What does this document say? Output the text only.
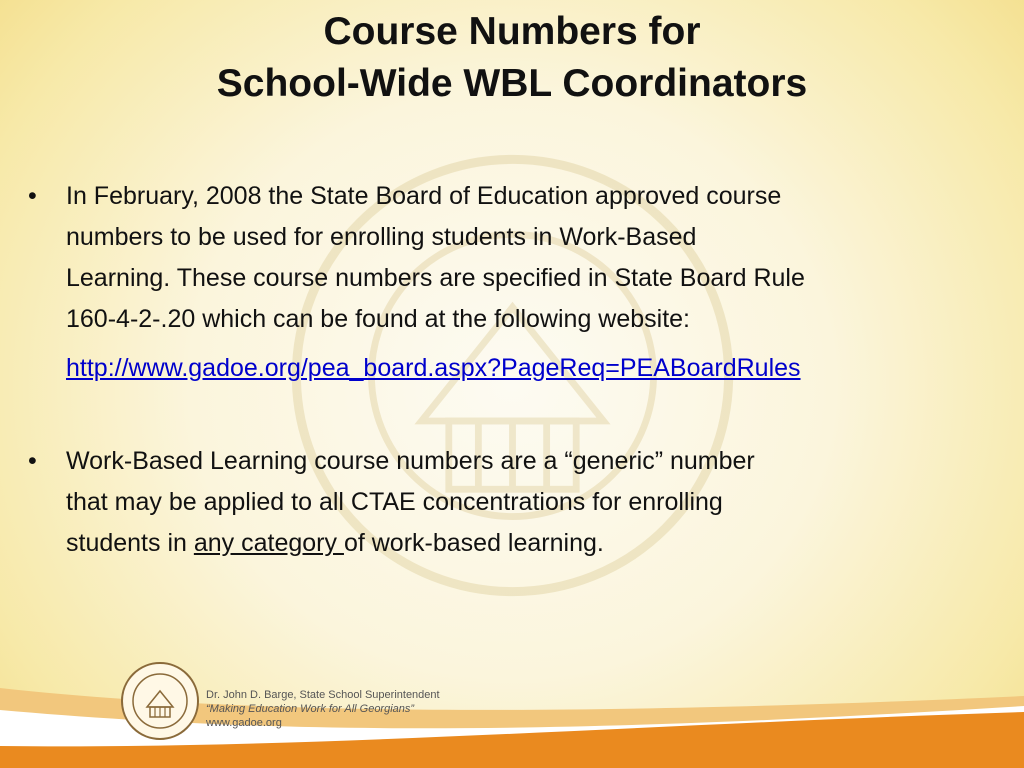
Course Numbers for
School-Wide WBL Coordinators
• In February, 2008 the State Board of Education approved course
numbers to be used for enrolling students in Work-Based
Learning. These course numbers are specified in State Board Rule
160-4-2-.20 which can be found at the following website:
http://www.gadoe.org/pea_board.aspx?PageReq=PEABoardRules
• Work-Based Learning course numbers are a “generic” number
that may be applied to all CTAE concentrations for enrolling
students in any category of work-based learning.
Dr. John D. Barge, State School Superintendent
“Making Education Work for All Georgians”
www.gadoe.org
